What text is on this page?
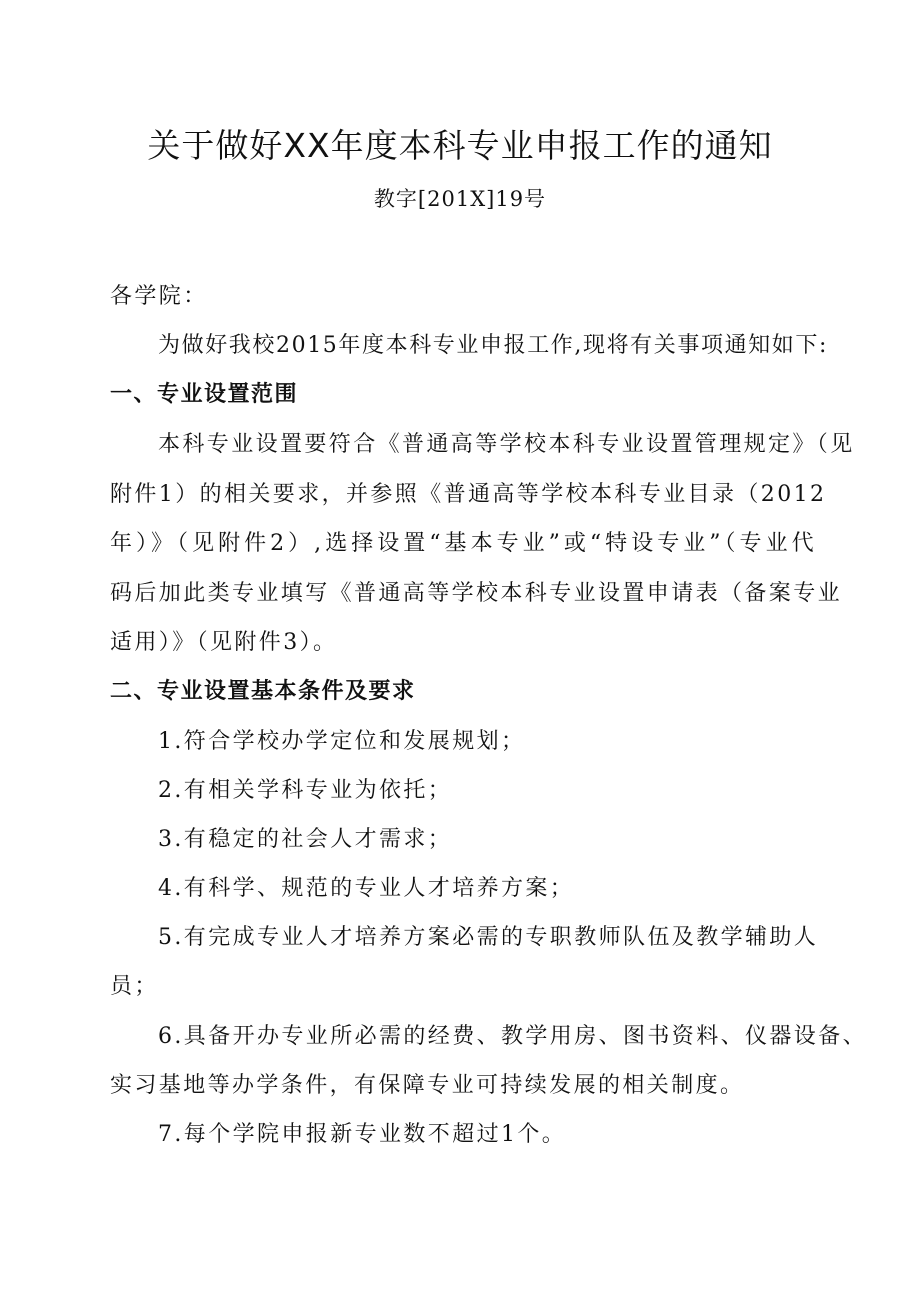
关于做好XX年度本科专业申报工作的通知
教字[201X]19号
各学院：
为做好我校2015年度本科专业申报工作,现将有关事项通知如下:
一、专业设置范围
本科专业设置要符合《普通高等学校本科专业设置管理规定》（见
附件1）的相关要求，并参照《普通高等学校本科专业目录（2012
年）》（见附件2）,选择设置“基本专业”或“特设专业”（专业代
码后加此类专业填写《普通高等学校本科专业设置申请表（备案专业
适用）》（见附件3）。
二、专业设置基本条件及要求
1.符合学校办学定位和发展规划；
2.有相关学科专业为依托；
3.有稳定的社会人才需求；
4.有科学、规范的专业人才培养方案；
5.有完成专业人才培养方案必需的专职教师队伍及教学辅助人
员；
6.具备开办专业所必需的经费、教学用房、图书资料、仪器设备、
实习基地等办学条件，有保障专业可持续发展的相关制度。
7.每个学院申报新专业数不超过1个。
